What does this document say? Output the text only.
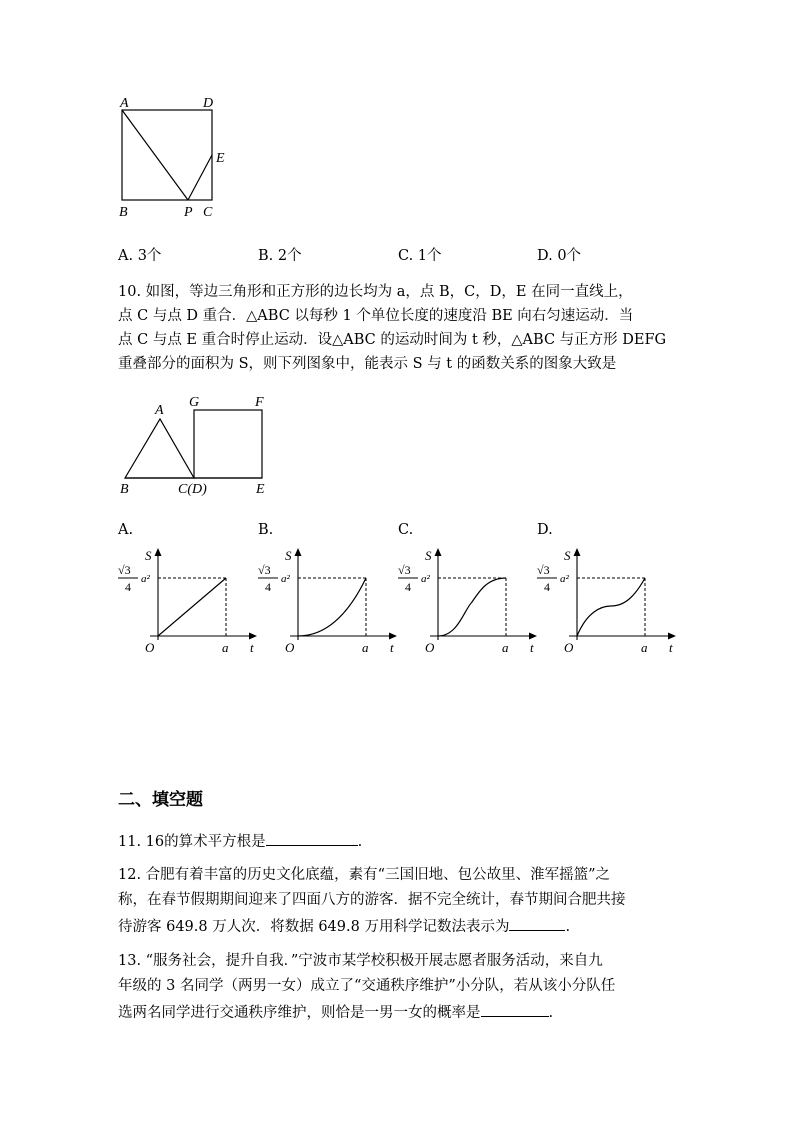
A	D
E
B	P C
A. 3个	B. 2个	C. 1个	D. 0个
10. 如图，等边三角形和正方形的边长均为 a，点 B，C，D，E 在同一直线上，
点 C 与点 D 重合．△ABC 以每秒 1 个单位长度的速度沿 BE 向右匀速运动．当
点 C 与点 E 重合时停止运动．设△ABC 的运动时间为 t 秒，△ABC 与正方形 DEFG
重叠部分的面积为 S，则下列图象中，能表示 S 与 t 的函数关系的图象大致是
A
G	F
B	C(D)	E
A.	B.	C.	D.
S
t
O	a
√3
4
a²
S
t
O	a
√3
4
a²
S
t
O	a
√3
4
a²
S
t
O	a
√3
4
a²
二、填空题
11. 16的算术平方根是	.
12. 合肥有着丰富的历史文化底蕴，素有“三国旧地、包公故里、淮军摇篮”之
称，在春节假期期间迎来了四面八方的游客．据不完全统计，春节期间合肥共接
待游客 649.8 万人次．将数据 649.8 万用科学记数法表示为	.
13. “服务社会，提升自我．”宁波市某学校积极开展志愿者服务活动，来自九
年级的 3 名同学（两男一女）成立了“交通秩序维护”小分队，若从该小分队任
选两名同学进行交通秩序维护，则恰是一男一女的概率是	.
